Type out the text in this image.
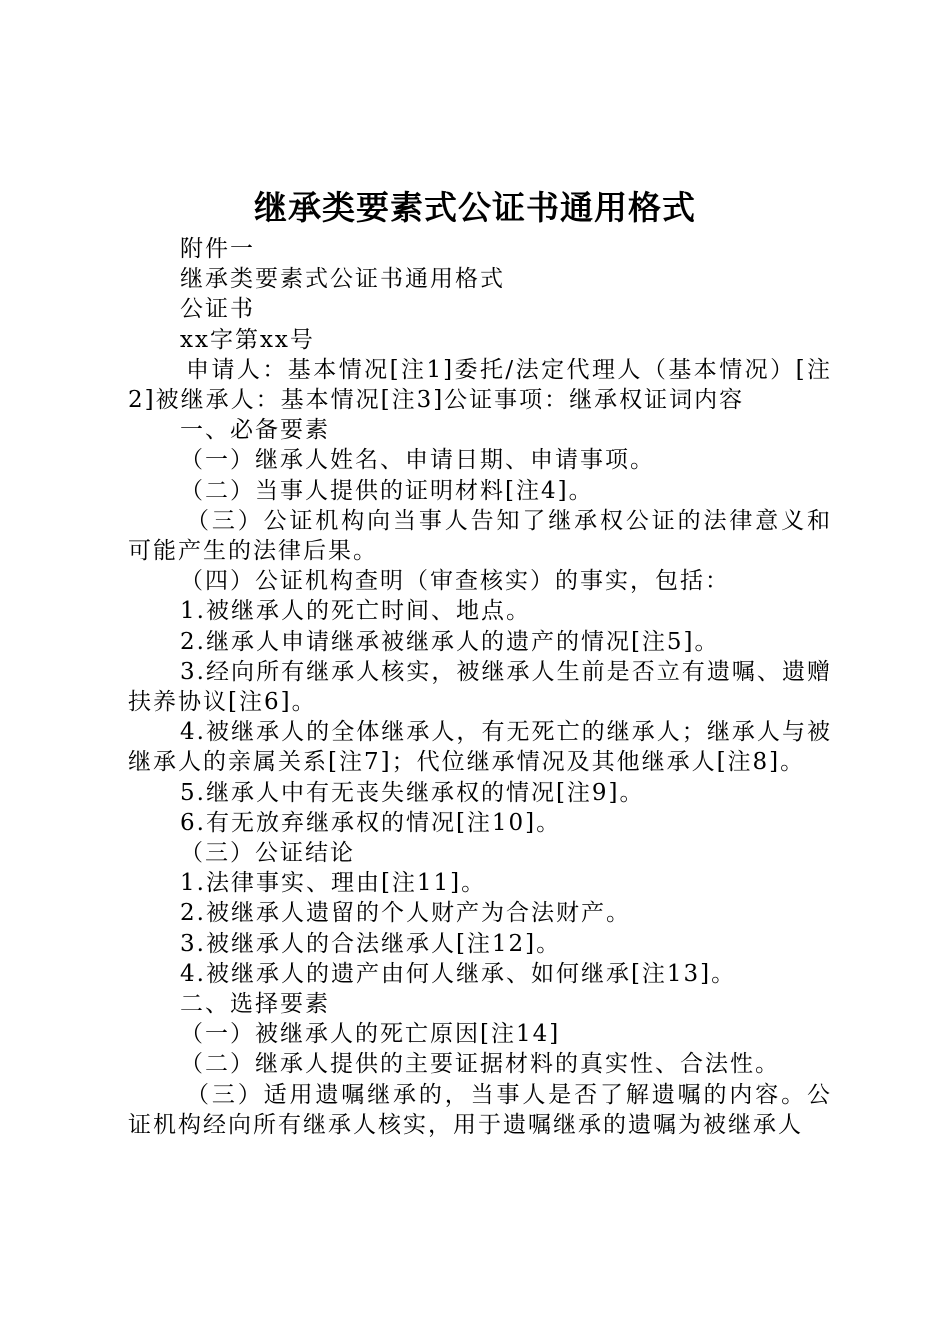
继承类要素式公证书通用格式

附件一

继承类要素式公证书通用格式

公证书

xx字第xx号

申请人：基本情况[注1]委托/法定代理人（基本情况）[注2]被继承人：基本情况[注3]公证事项：继承权证词内容

一、必备要素

（一）继承人姓名、申请日期、申请事项。

（二）当事人提供的证明材料[注4]。

（三）公证机构向当事人告知了继承权公证的法律意义和可能产生的法律后果。

（四）公证机构查明（审查核实）的事实，包括：

1.被继承人的死亡时间、地点。

2.继承人申请继承被继承人的遗产的情况[注5]。

3.经向所有继承人核实，被继承人生前是否立有遗嘱、遗赠扶养协议[注6]。

4.被继承人的全体继承人，有无死亡的继承人；继承人与被继承人的亲属关系[注7]；代位继承情况及其他继承人[注8]。

5.继承人中有无丧失继承权的情况[注9]。

6.有无放弃继承权的情况[注10]。

（三）公证结论

1.法律事实、理由[注11]。

2.被继承人遗留的个人财产为合法财产。

3.被继承人的合法继承人[注12]。

4.被继承人的遗产由何人继承、如何继承[注13]。

二、选择要素

（一）被继承人的死亡原因[注14]

（二）继承人提供的主要证据材料的真实性、合法性。

（三）适用遗嘱继承的，当事人是否了解遗嘱的内容。公证机构经向所有继承人核实，用于遗嘱继承的遗嘱为被继承人
